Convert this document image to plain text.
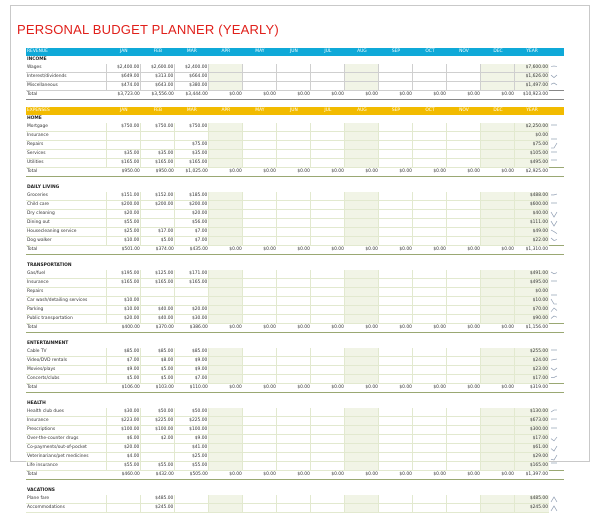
PERSONAL BUDGET PLANNER (YEARLY)
REVENUE	JAN	FEB	MAR	APR	MAY	JUN	JUL	AUG	SEP	OCT	NOV	DEC	YEAR	
INCOME														
Wages	$2,400.00	$2,600.00	$2,400.00										$7,600.00	

Interest/dividends	$649.00	$313.00	$664.00										$1,626.00	

Miscellaneous	$474.00	$643.00	$380.00										$1,497.00	

Total	$3,723.00	$3,556.00	$3,444.00	$0.00	$0.00	$0.00	$0.00	$0.00	$0.00	$0.00	$0.00	$0.00	$10,923.00	

EXPENSES	JAN	FEB	MAR	APR	MAY	JUN	JUL	AUG	SEP	OCT	NOV	DEC	YEAR	
HOME														
Mortgage	$750.00	$750.00	$750.00										$2,250.00	

Insurance													$0.00	

Repairs			$75.00										$75.00	

Services	$35.00	$35.00	$35.00										$105.00	

Utilities	$165.00	$165.00	$165.00										$495.00	

Total	$950.00	$950.00	$1,025.00	$0.00	$0.00	$0.00	$0.00	$0.00	$0.00	$0.00	$0.00	$0.00	$2,925.00	

DAILY LIVING														
Groceries	$151.00	$152.00	$185.00										$488.00	

Child care	$200.00	$200.00	$200.00										$600.00	

Dry cleaning	$20.00		$20.00										$40.00	

Dining out	$55.00		$56.00										$111.00	

Housecleaning service	$25.00	$17.00	$7.00										$49.00	

Dog walker	$10.00	$5.00	$7.00										$22.00	

Total	$501.00	$374.00	$435.00	$0.00	$0.00	$0.00	$0.00	$0.00	$0.00	$0.00	$0.00	$0.00	$1,310.00	

TRANSPORTATION														
Gas/fuel	$195.00	$125.00	$171.00										$491.00	

Insurance	$165.00	$165.00	$165.00										$495.00	

Repairs													$0.00	

Car wash/detailing services	$10.00												$10.00	

Parking	$10.00	$40.00	$20.00										$70.00	

Public transportation	$20.00	$40.00	$30.00										$90.00	

Total	$400.00	$370.00	$386.00	$0.00	$0.00	$0.00	$0.00	$0.00	$0.00	$0.00	$0.00	$0.00	$1,156.00	

ENTERTAINMENT														
Cable TV	$85.00	$85.00	$85.00										$255.00	

Video/DVD rentals	$7.00	$8.00	$9.00										$24.00	

Movies/plays	$9.00	$5.00	$9.00										$23.00	

Concerts/clubs	$5.00	$5.00	$7.00										$17.00	

Total	$106.00	$103.00	$110.00	$0.00	$0.00	$0.00	$0.00	$0.00	$0.00	$0.00	$0.00	$0.00	$319.00	

HEALTH														
Health club dues	$30.00	$50.00	$50.00										$130.00	

Insurance	$223.00	$225.00	$225.00										$673.00	

Prescriptions	$100.00	$100.00	$100.00										$300.00	

Over-the-counter drugs	$6.00	$2.00	$9.00										$17.00	

Co-payments/out-of-pocket	$20.00		$41.00										$61.00	

Veterinarians/pet medicines	$4.00		$25.00										$29.00	

Life insurance	$55.00	$55.00	$55.00										$165.00	

Total	$460.00	$432.00	$505.00	$0.00	$0.00	$0.00	$0.00	$0.00	$0.00	$0.00	$0.00	$0.00	$1,397.00	

VACATIONS														
Plane fare		$485.00											$485.00	

Accommodations		$245.00											$245.00	
